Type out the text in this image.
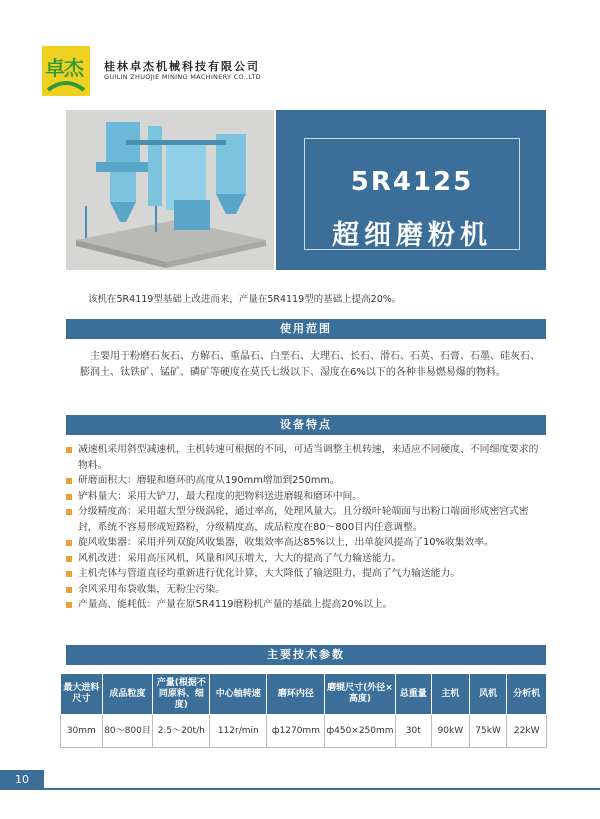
卓杰 桂林卓杰机械科技有限公司
GUILIN ZHUOJIE MINING MACHINERY CO.,LTD
5R4125
超细磨粉机
该机在5R4119型基础上改进而来，产量在5R4119型的基础上提高20%。
使用范围
主要用于粉磨石灰石、方解石、重晶石、白垩石、大理石、长石、滑石、石英、石膏、石墨、硅灰石、膨润土、钛铁矿、锰矿、磷矿等硬度在莫氏七级以下、湿度在6%以下的各种非易燃易爆的物料。
设备特点
减速机采用斜型减速机，主机转速可根据的不同，可适当调整主机转速，来适应不同硬度、不同细度要求的物料。
研磨面积大：磨辊和磨环的高度从190mm增加到250mm。
铲料量大：采用大铲刀，最大程度的把物料送进磨辊和磨环中间。
分级精度高：采用超大型分级涡轮，通过率高，处理风量大。且分级叶轮端面与出粉口端面形成密宫式密封，系统不容易形成短路粉，分级精度高，成品粒度在80～800目内任意调整。
旋风收集器：采用并列双旋风收集器，收集效率高达85%以上，出单旋风提高了10%收集效率。
风机改进：采用高压风机，风量和风压增大，大大的提高了气力输送能力。
主机壳体与管道直径均重新进行优化计算，大大降低了输送阻力，提高了气力输送能力。
余风采用布袋收集，无粉尘污染。
产量高、能耗低：产量在原5R4119磨粉机产量的基础上提高20%以上。
主要技术参数
最大进料尺寸	成品粒度	产量(根据不同原料、细度)	中心轴转速	磨环内径	磨辊尺寸(外径×高度)	总重量	主机	风机	分析机
30mm	80～800目	2.5～20t/h	112r/min	ф1270mm	ф450×250mm	30t	90kW	75kW	22kW
10
